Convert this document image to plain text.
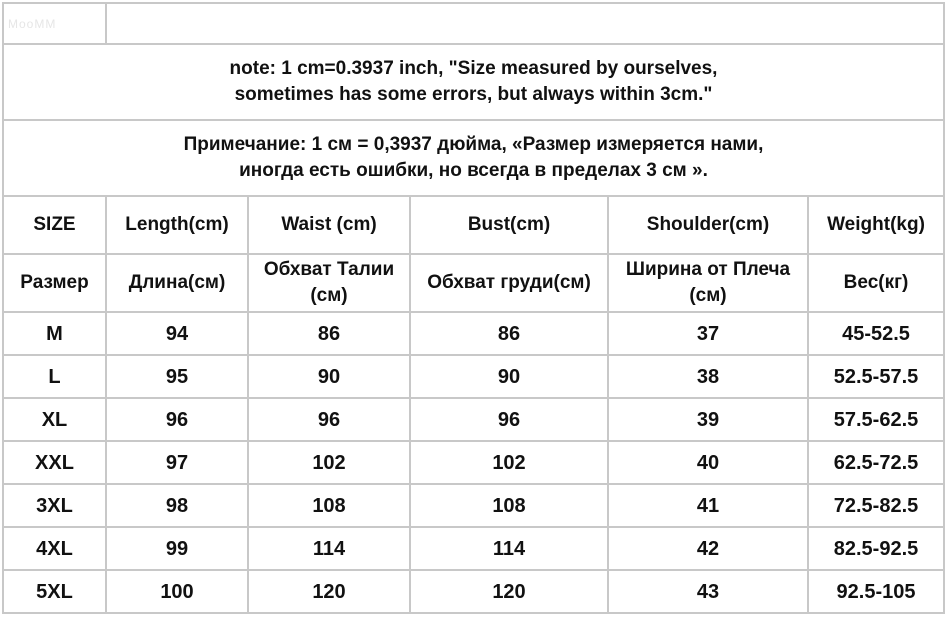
MooMM					

note: 1 cm=0.3937 inch, "Size measured by ourselves,
sometimes has some errors, but always within 3cm."					

Примечание: 1 см = 0,3937 дюйма, «Размер измеряется нами,
иногда есть ошибки, но всегда в пределах 3 см ».					

SIZE	Length(cm)	Waist (cm)	Bust(cm)	Shoulder(cm)	Weight(kg)
Размер	Длина(см)	Обхват Талии (см)	Обхват груди(см)	Ширина от Плеча (см)	Вес(кг)
M	94	86	86	37	45-52.5
L	95	90	90	38	52.5-57.5
XL	96	96	96	39	57.5-62.5
XXL	97	102	102	40	62.5-72.5
3XL	98	108	108	41	72.5-82.5
4XL	99	114	114	42	82.5-92.5
5XL	100	120	120	43	92.5-105
